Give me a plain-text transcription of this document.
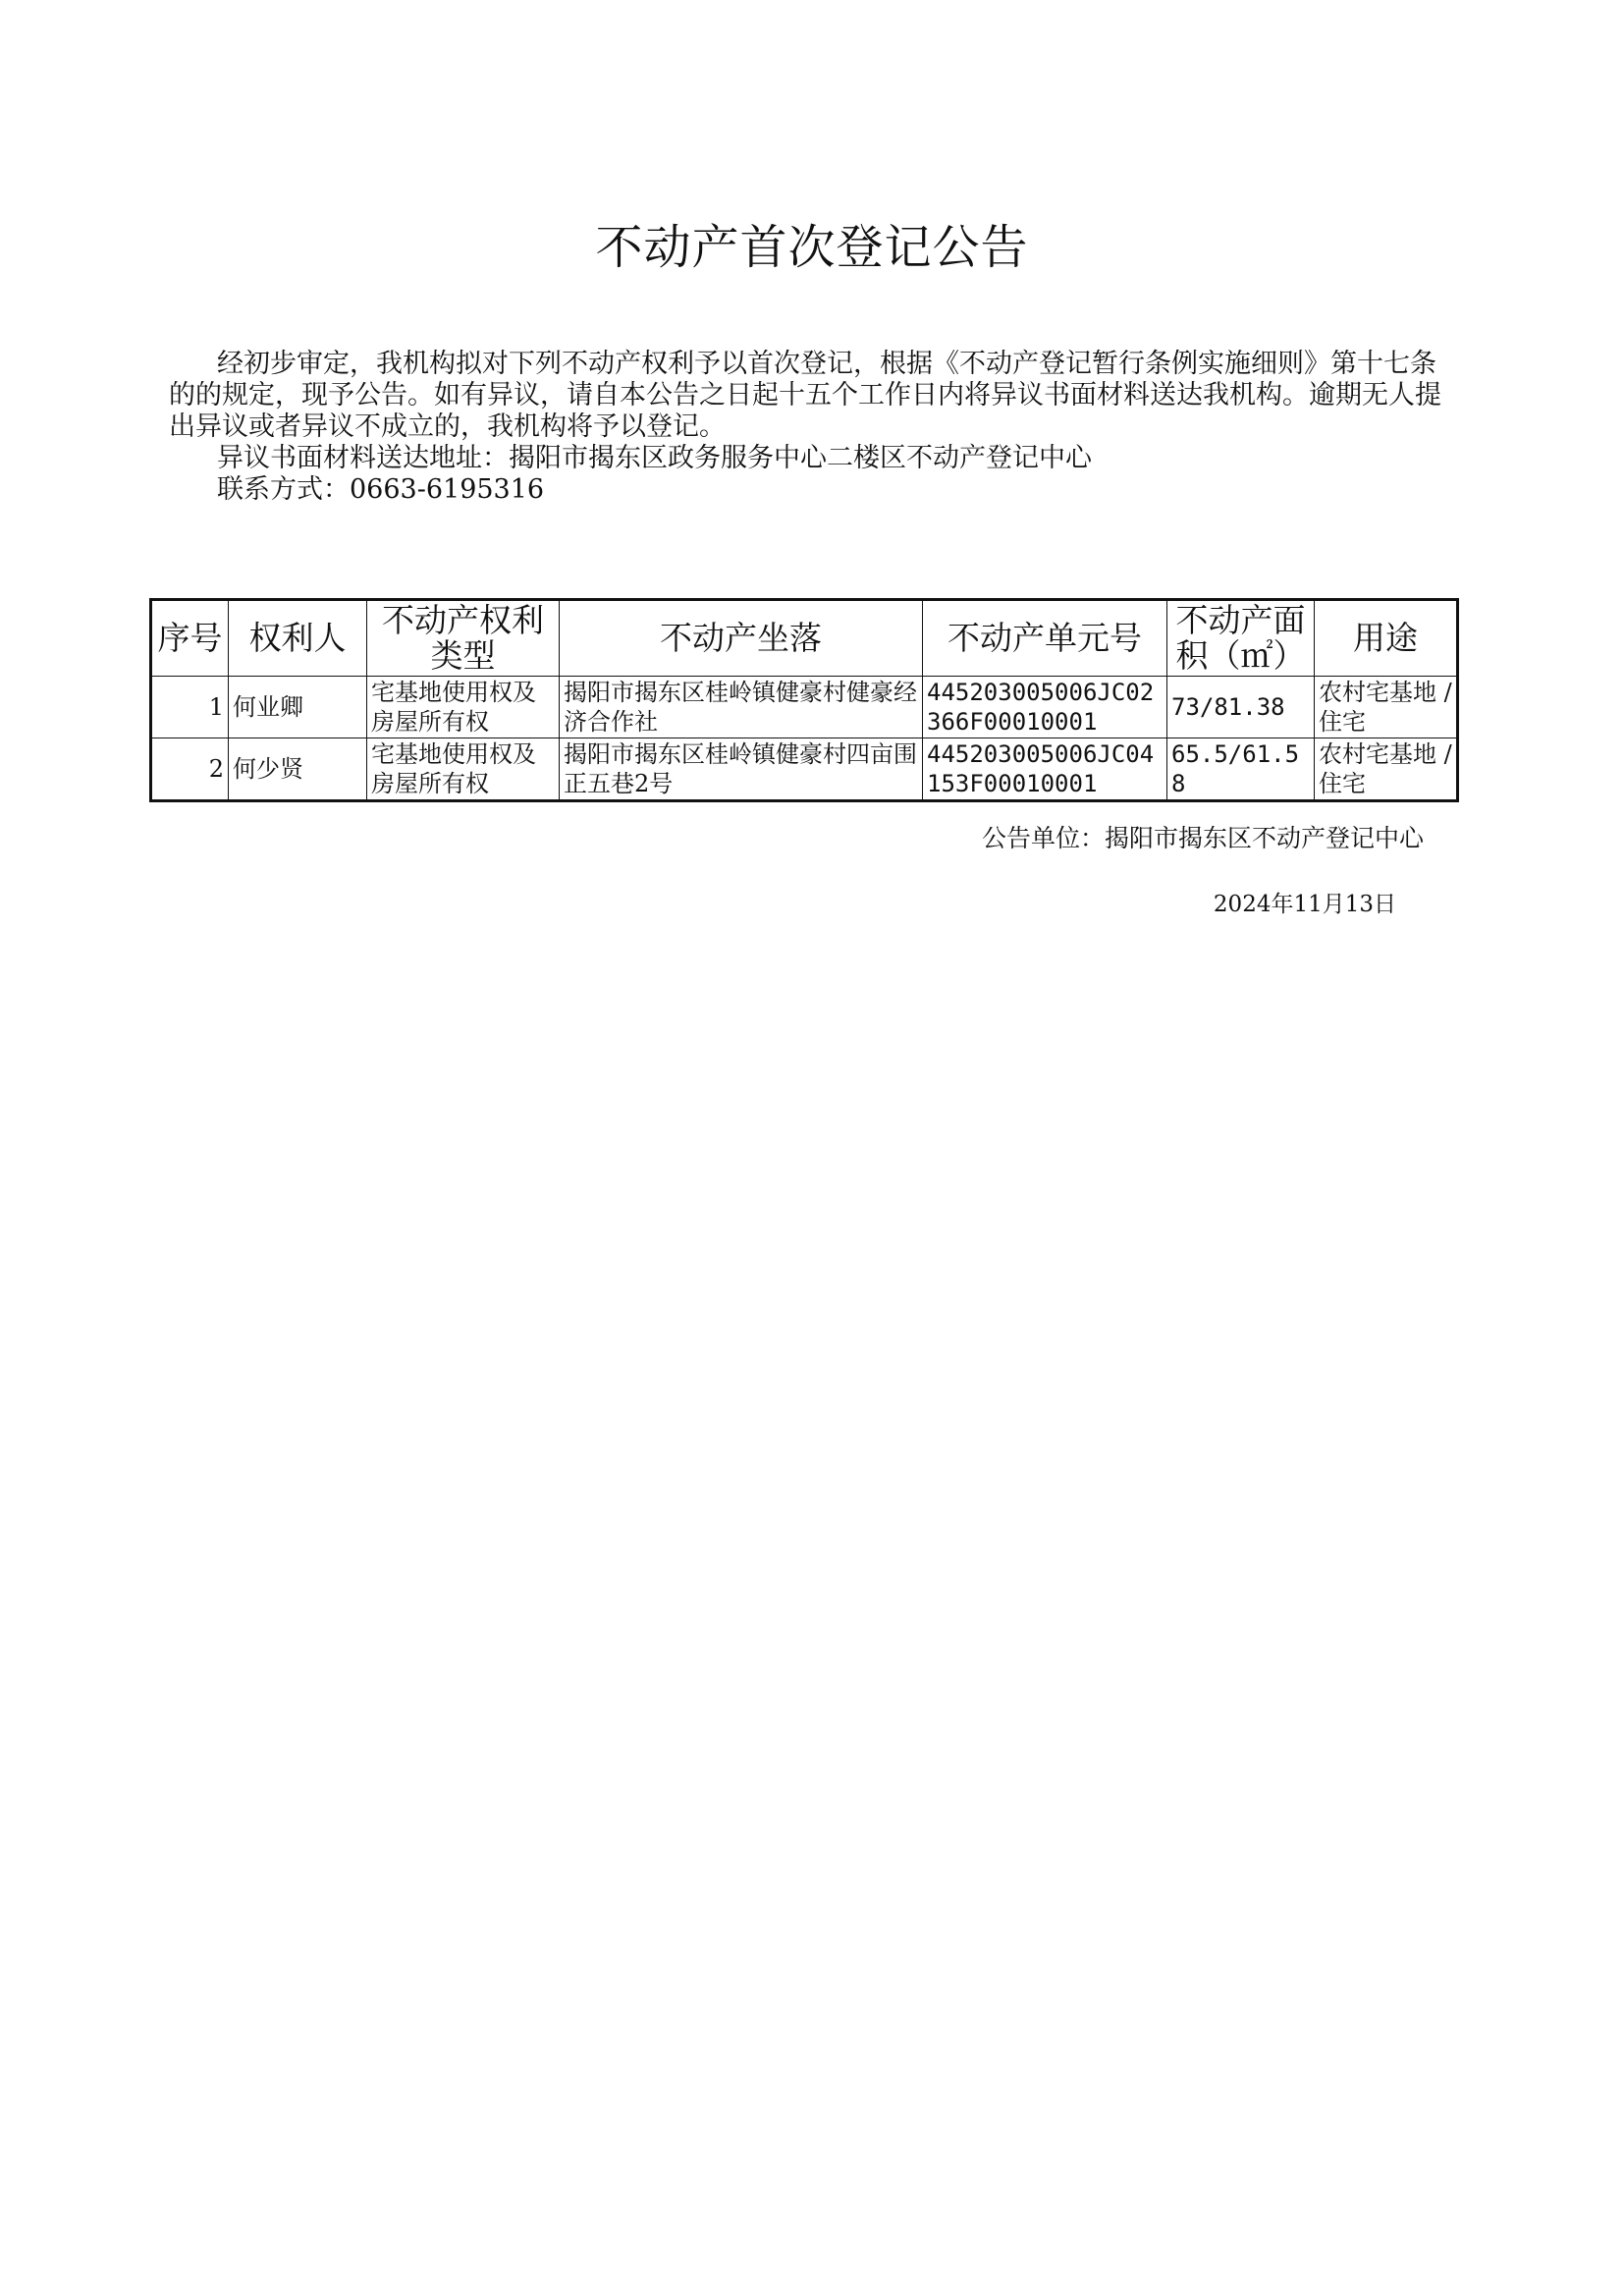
不动产首次登记公告

经初步审定，我机构拟对下列不动产权利予以首次登记，根据《不动产登记暂行条例实施细则》第十七条的的规定，现予公告。如有异议，请自本公告之日起十五个工作日内将异议书面材料送达我机构。逾期无人提出异议或者异议不成立的，我机构将予以登记。

异议书面材料送达地址：揭阳市揭东区政务服务中心二楼区不动产登记中心

联系方式：0663-6195316

序号	权利人	不动产权利类型	不动产坐落	不动产单元号	不动产面积（㎡）	用途
1	何业卿	宅基地使用权及房屋所有权	揭阳市揭东区桂岭镇健豪村健豪经济合作社	445203005006JC02366F00010001	73/81.38	农村宅基地 / 住宅
2	何少贤	宅基地使用权及房屋所有权	揭阳市揭东区桂岭镇健豪村四亩围正五巷2号	445203005006JC04153F00010001	65.5/61.58	农村宅基地 / 住宅
公告单位：揭阳市揭东区不动产登记中心
2024年11月13日
